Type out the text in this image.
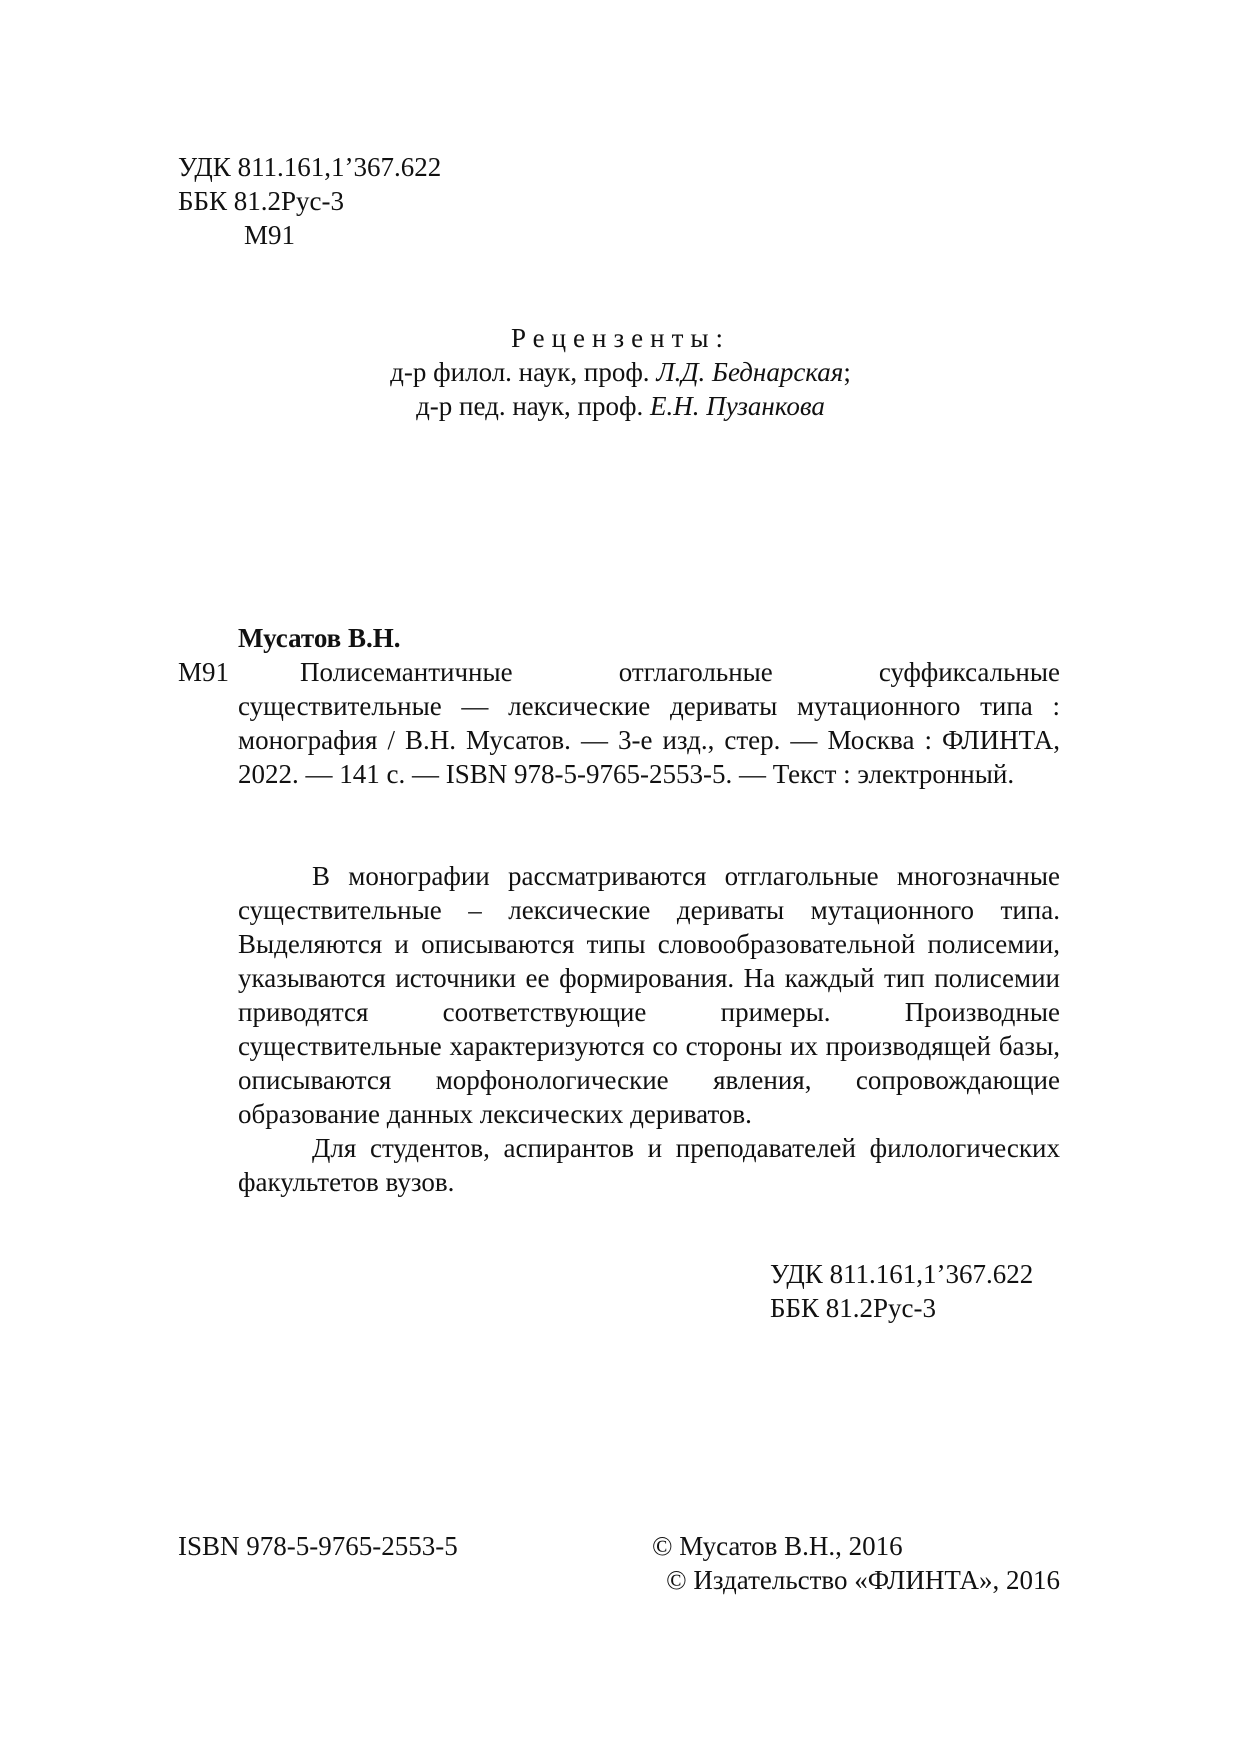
УДК 811.161,1’367.622
ББК 81.2Рус-3
М91
Рецензенты:
д-р филол. наук, проф. Л.Д. Беднарская;
д-р пед. наук, проф. Е.Н. Пузанкова
Мусатов В.Н.
М91	Полисемантичные отглагольные суффиксальные существительные — лексические дериваты мутационного типа : монография / В.Н. Мусатов. — 3-е изд., стер. — Москва : ФЛИНТА, 2022. — 141 с. — ISBN 978-5-9765-2553-5. — Текст : электронный.

В монографии рассматриваются отглагольные многозначные существительные – лексические дериваты мутационного типа. Выделяются и описываются типы словообразовательной полисемии, указываются источники ее формирования. На каждый тип полисемии приводятся соответствующие примеры. Производные существительные характеризуются со стороны их производящей базы, описываются морфонологические явления, сопровождающие образование данных лексических дериватов.

Для студентов, аспирантов и преподавателей филологических факультетов вузов.

УДК 811.161,1’367.622
ББК 81.2Рус-3
ISBN 978-5-9765-2553-5	© Мусатов В.Н., 2016
© Издательство «ФЛИНТА», 2016
